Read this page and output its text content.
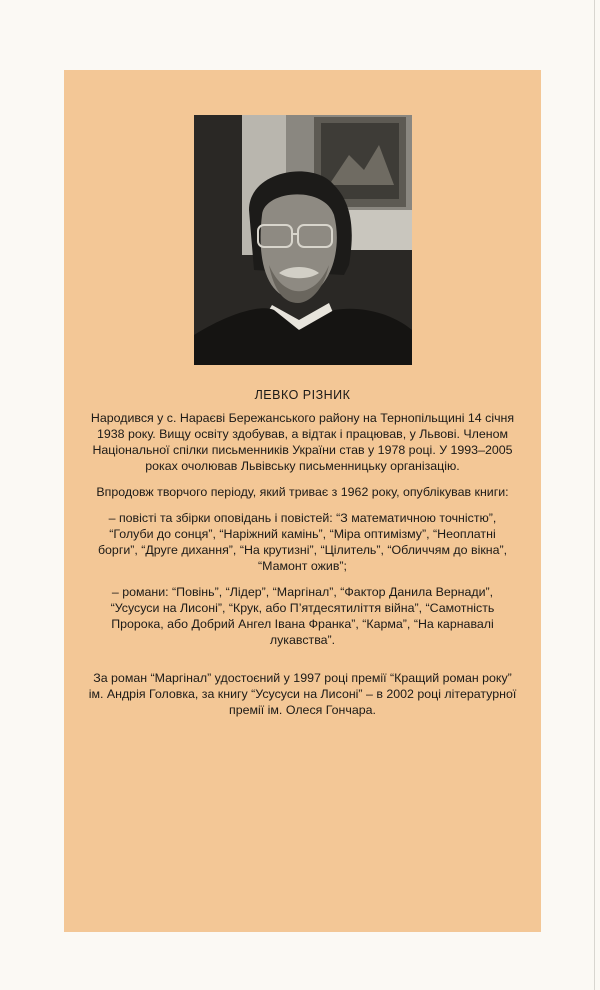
ЛЕВКО РІЗНИК

Народився у с. Нараєві Бережанського району на Тернопільщині 14 січня 1938 року. Вищу освіту здобував, а відтак і працював, у Львові. Членом Національної спілки письменників України став у 1978 році. У 1993–2005 роках очолював Львівську письменницьку організацію.

Впродовж творчого періоду, який триває з 1962 року, опублікував книги:

– повісті та збірки оповідань і повістей: “З математичною точністю”, “Голуби до сонця”, “Наріжний камінь”, “Міра оптимізму”, “Неоплатні борги”, “Друге дихання”, “На крутизні”, “Цілитель”, “Обличчям до вікна”, “Мамонт ожив”;

– романи: “Повінь”, “Лідер”, “Маргінал”, “Фактор Данила Вернади”, “Усусуси на Лисоні”, “Крук, або П’ятдесятиліття війна”, “Самотність Пророка, або Добрий Ангел Івана Франка”, “Карма”, “На карнавалі лукавства”.

За роман “Маргінал” удостоєний у 1997 році премії “Кращий роман року” ім. Андрія Головка, за книгу “Усусуси на Лисоні” – в 2002 році літературної премії ім. Олеся Гончара.
